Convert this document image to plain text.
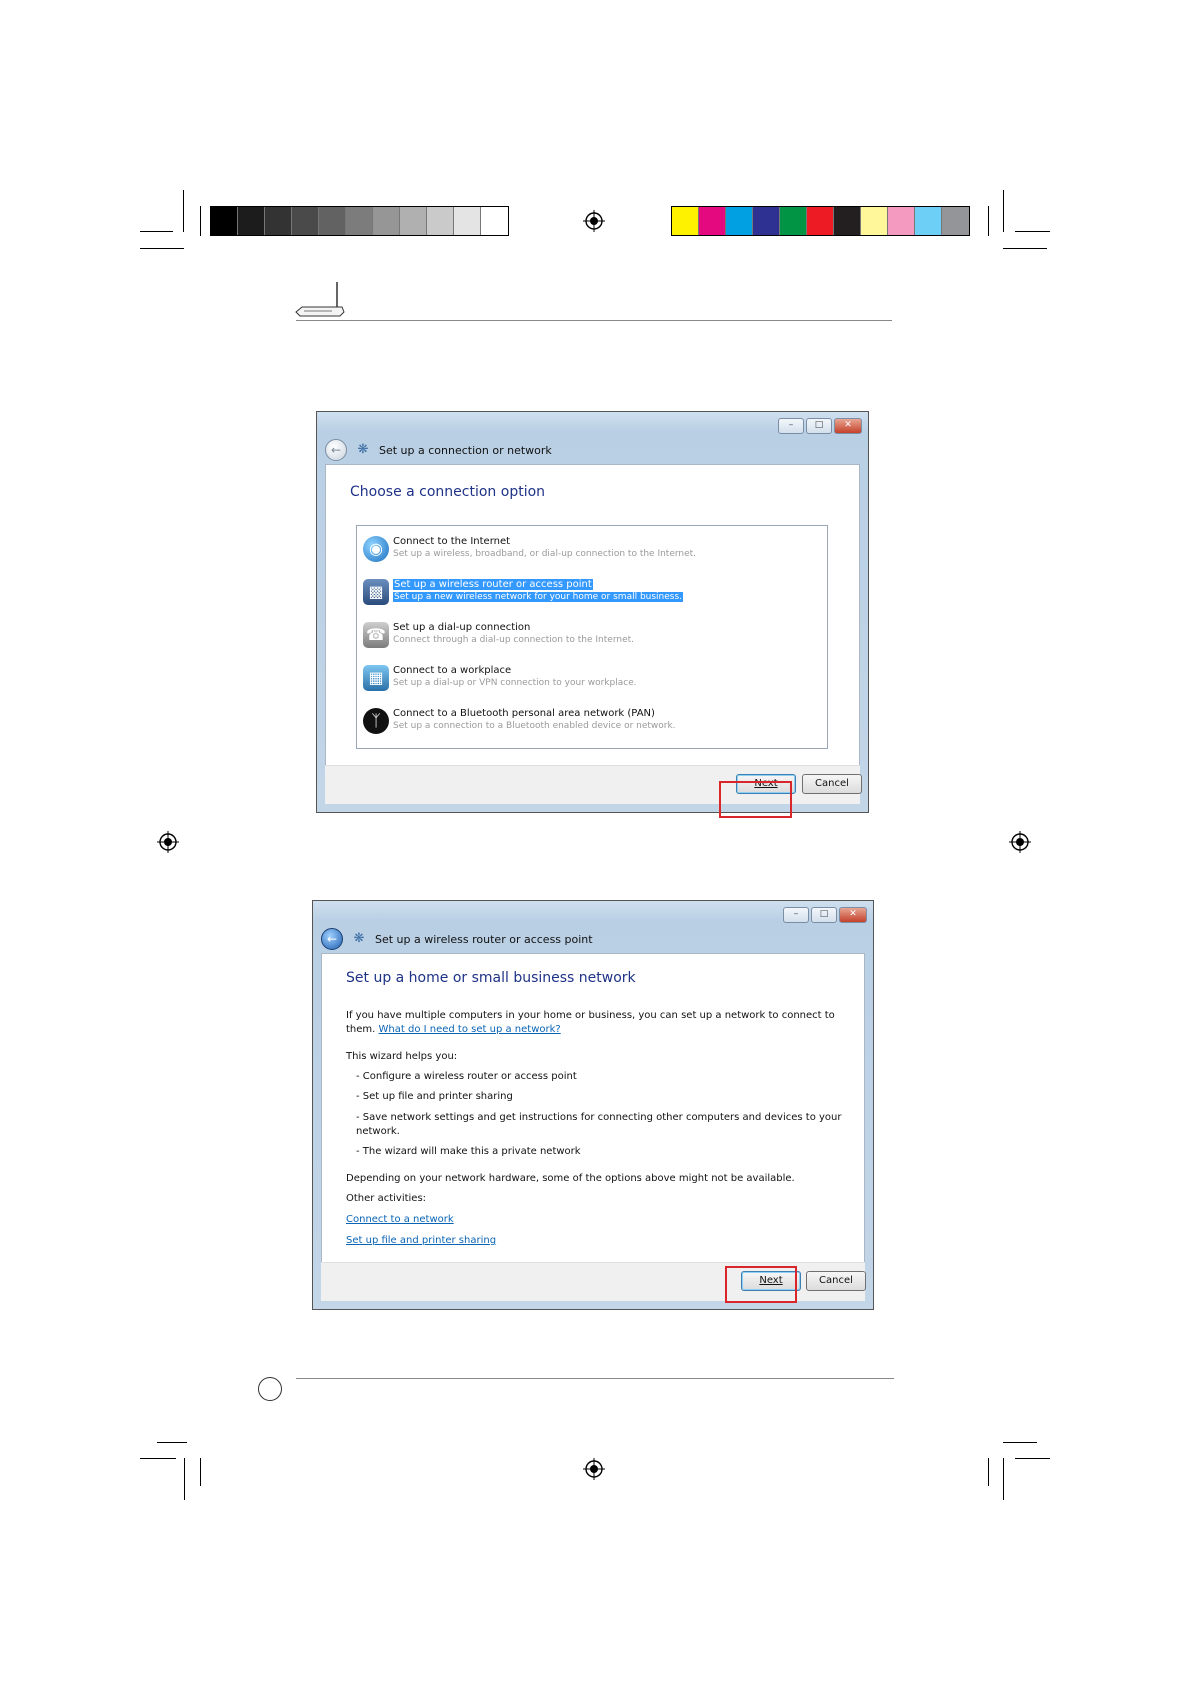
–	□	✕
←	❋ Set up a connection or network
Choose a connection option
◉	Connect to the Internet
Set up a wireless, broadband, or dial-up connection to the Internet.
▩	Set up a wireless router or access point
Set up a new wireless network for your home or small business.
☎ Set up a dial-up connection
Connect through a dial-up connection to the Internet.
▦ Connect to a workplace
Set up a dial-up or VPN connection to your workplace.
ᛉ	Connect to a Bluetooth personal area network (PAN)
Set up a connection to a Bluetooth enabled device or network.
Next	Cancel
–	□	✕
←	❋ Set up a wireless router or access point
Set up a home or small business network
If you have multiple computers in your home or business, you can set up a network to connect to
them. What do I need to set up a network?
This wizard helps you:
- Configure a wireless router or access point
- Set up file and printer sharing
- Save network settings and get instructions for connecting other computers and devices to your
network.
- The wizard will make this a private network
Depending on your network hardware, some of the options above might not be available.
Other activities:
Connect to a network
Set up file and printer sharing
Next	Cancel
